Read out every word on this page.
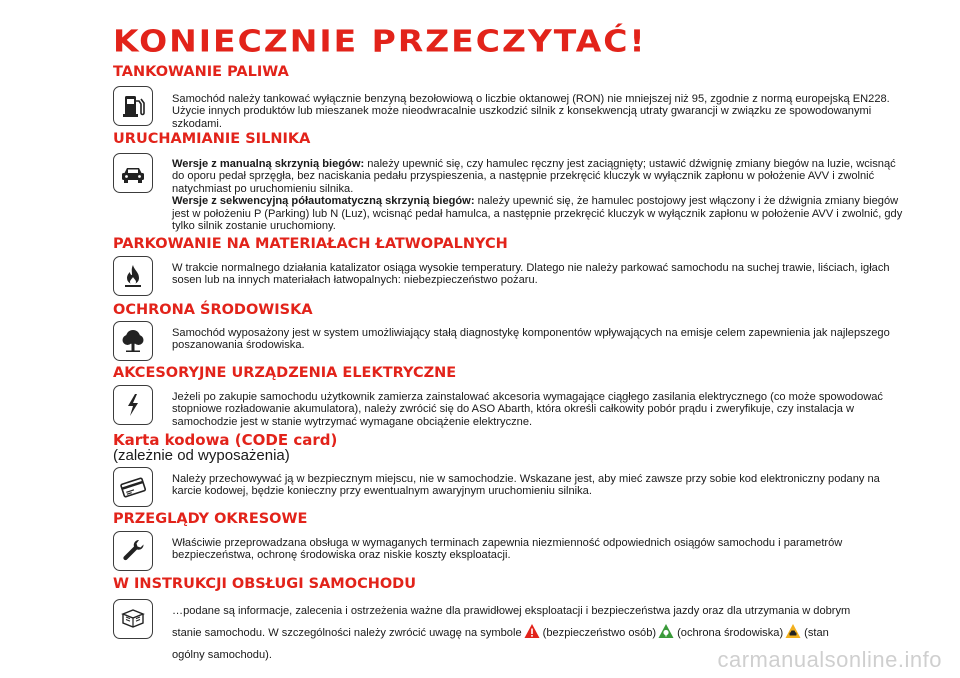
KONIECZNIE PRZECZYTAĆ!
TANKOWANIE PALIWA

Samochód należy tankować wyłącznie benzyną bezołowiową o liczbie oktanowej (RON) nie mniejszej niż 95, zgodnie z normą europejską EN228. Użycie innych produktów lub mieszanek może nieodwracalnie uszkodzić silnik z konsekwencją utraty gwarancji w związku ze spowodowanymi szkodami.

URUCHAMIANIE SILNIKA

Wersje z manualną skrzynią biegów: należy upewnić się, czy hamulec ręczny jest zaciągnięty; ustawić dźwignię zmiany biegów na luzie, wcisnąć do oporu pedał sprzęgła, bez naciskania pedału przyspieszenia, a następnie przekręcić kluczyk w wyłącznik zapłonu w położenie AVV i zwolnić natychmiast po uruchomieniu silnika.
Wersje z sekwencyjną półautomatyczną skrzynią biegów: należy upewnić się, że hamulec postojowy jest włączony i że dźwignia zmiany biegów jest w położeniu P (Parking) lub N (Luz), wcisnąć pedał hamulca, a następnie przekręcić kluczyk w wyłącznik zapłonu w położenie AVV i zwolnić, gdy tylko silnik zostanie uruchomiony.

PARKOWANIE NA MATERIAŁACH ŁATWOPALNYCH

W trakcie normalnego działania katalizator osiąga wysokie temperatury. Dlatego nie należy parkować samochodu na suchej trawie, liściach, igłach sosen lub na innych materiałach łatwopalnych: niebezpieczeństwo pożaru.

OCHRONA ŚRODOWISKA

Samochód wyposażony jest w system umożliwiający stałą diagnostykę komponentów wpływających na emisje celem zapewnienia jak najlepszego poszanowania środowiska.

AKCESORYJNE URZĄDZENIA ELEKTRYCZNE

Jeżeli po zakupie samochodu użytkownik zamierza zainstalować akcesoria wymagające ciągłego zasilania elektrycznego (co może spowodować stopniowe rozładowanie akumulatora), należy zwrócić się do ASO Abarth, która określi całkowity pobór prądu i zweryfikuje, czy instalacja w samochodzie jest w stanie wytrzymać wymagane obciążenie elektryczne.

Karta kodowa (CODE card)

(zależnie od wyposażenia)

Należy przechowywać ją w bezpiecznym miejscu, nie w samochodzie. Wskazane jest, aby mieć zawsze przy sobie kod elektroniczny podany na karcie kodowej, będzie konieczny przy ewentualnym awaryjnym uruchomieniu silnika.

PRZEGLĄDY OKRESOWE

Właściwie przeprowadzana obsługa w wymaganych terminach zapewnia niezmienność odpowiednich osiągów samochodu i parametrów bezpieczeństwa, ochronę środowiska oraz niskie koszty eksploatacji.

W INSTRUKCJI OBSŁUGI SAMOCHODU

…podane są informacje, zalecenia i ostrzeżenia ważne dla prawidłowej eksploatacji i bezpieczeństwa jazdy oraz dla utrzymania w dobrym
stanie samochodu. W szczególności należy zwrócić uwagę na symbole (bezpieczeństwo osób) (ochrona środowiska) (stan
ogólny samochodu).	carmanualsonline.info
